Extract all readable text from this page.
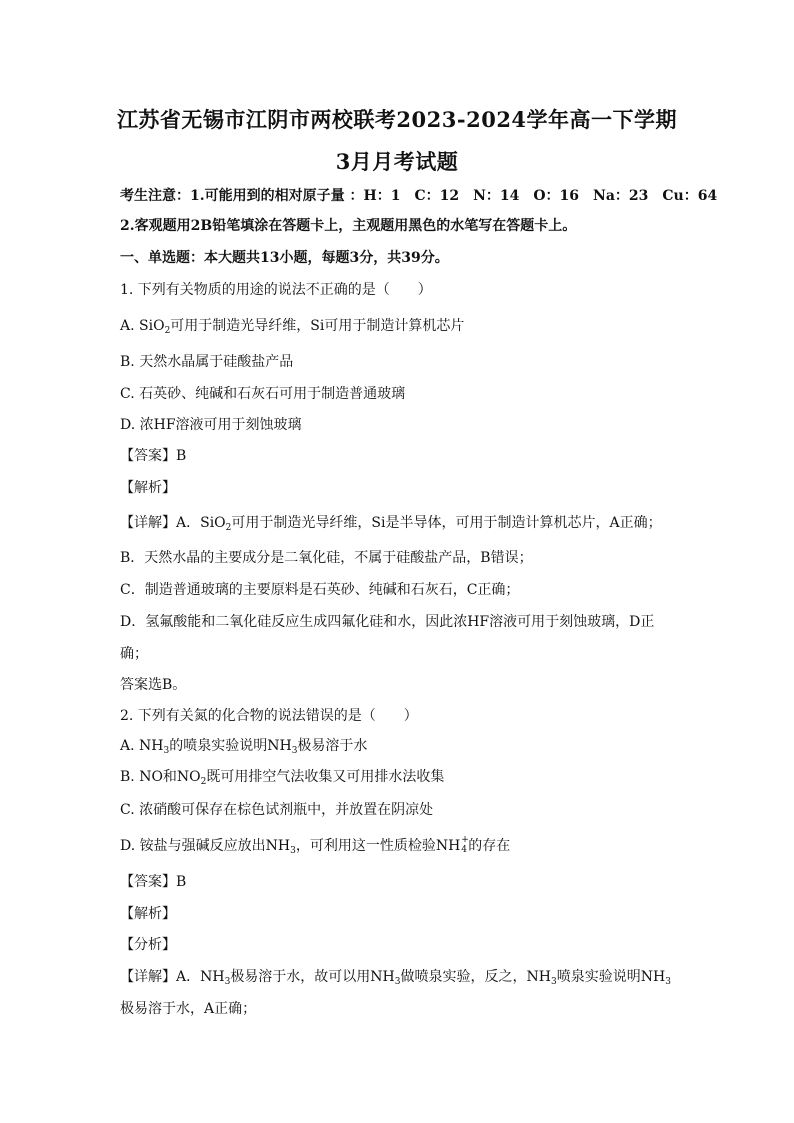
江苏省无锡市江阴市两校联考2023-2024学年高一下学期
3月月考试题
考生注意：1.可能用到的相对原子量 ：H：1　C：12　N：14　O：16　Na：23　Cu：64
2.客观题用2B铅笔填涂在答题卡上，主观题用黑色的水笔写在答题卡上。
一、单选题：本大题共13小题，每题3分，共39分。
1. 下列有关物质的用途的说法不正确的是（　　）
A. SiO$_2$可用于制造光导纤维，Si可用于制造计算机芯片
B. 天然水晶属于硅酸盐产品
C. 石英砂、纯碱和石灰石可用于制造普通玻璃
D. 浓HF溶液可用于刻蚀玻璃
【答案】B
【解析】
【详解】A．SiO$_2$可用于制造光导纤维，Si是半导体，可用于制造计算机芯片，A正确；
B．天然水晶的主要成分是二氧化硅，不属于硅酸盐产品，B错误；
C．制造普通玻璃的主要原料是石英砂、纯碱和石灰石，C正确；
D．氢氟酸能和二氧化硅反应生成四氟化硅和水，因此浓HF溶液可用于刻蚀玻璃，D正
确；
答案选B。
2. 下列有关氮的化合物的说法错误的是（　　）
A. $NH_3$的喷泉实验说明$NH_3$极易溶于水
B. NO和$NO_2$既可用排空气法收集又可用排水法收集
C. 浓硝酸可保存在棕色试剂瓶中，并放置在阴凉处
D. 铵盐与强碱反应放出$NH_3$，可利用这一性质检验NH +
4 的存在
【答案】B
【解析】
【分析】
【详解】A．$NH_3$极易溶于水，故可以用$NH_3$做喷泉实验，反之，$NH_3$喷泉实验说明$NH_3$
极易溶于水，A正确；
